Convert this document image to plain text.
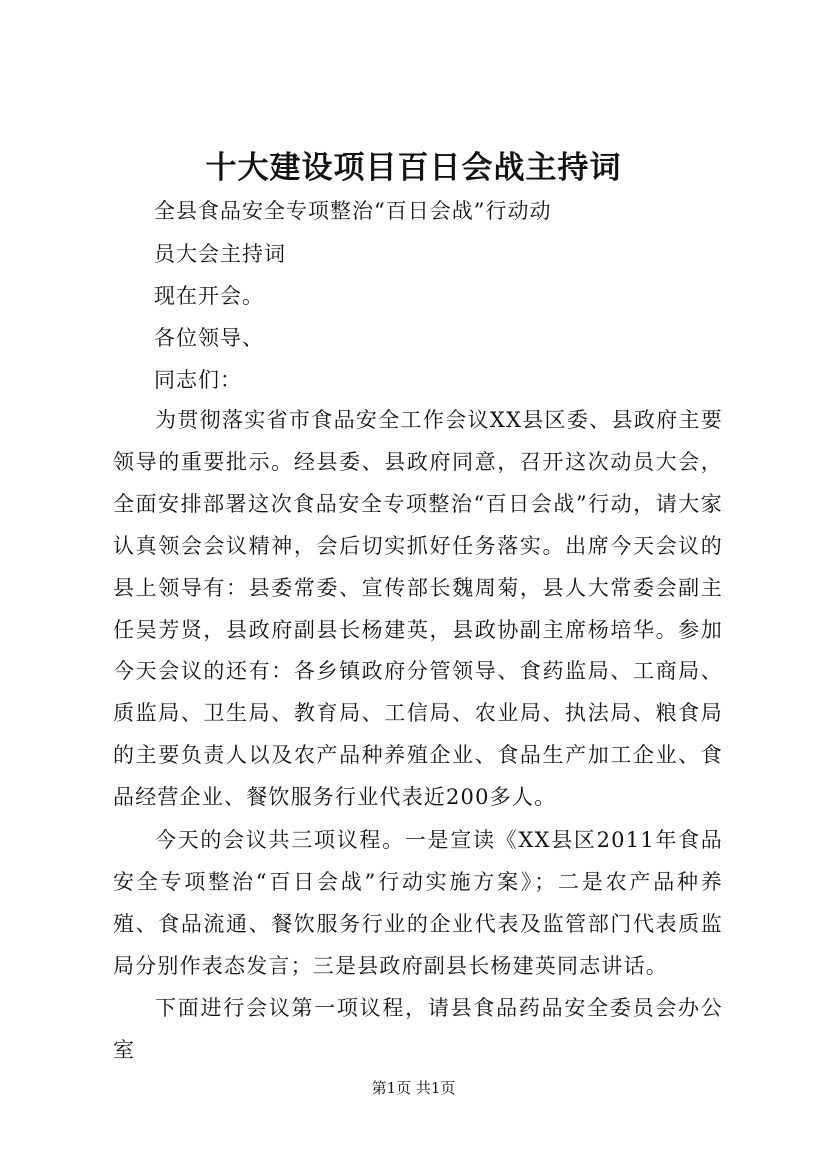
十大建设项目百日会战主持词
全县食品安全专项整治“百日会战”行动动
员大会主持词
现在开会。
各位领导、
同志们：
为贯彻落实省市食品安全工作会议XX县区委、县政府主要领导的重要批示。经县委、县政府同意，召开这次动员大会，全面安排部署这次食品安全专项整治“百日会战”行动，请大家认真领会会议精神，会后切实抓好任务落实。出席今天会议的县上领导有：县委常委、宣传部长魏周菊，县人大常委会副主任吴芳贤，县政府副县长杨建英，县政协副主席杨培华。参加今天会议的还有：各乡镇政府分管领导、食药监局、工商局、质监局、卫生局、教育局、工信局、农业局、执法局、粮食局的主要负责人以及农产品种养殖企业、食品生产加工企业、食品经营企业、餐饮服务行业代表近200多人。
今天的会议共三项议程。一是宣读《XX县区2011年食品安全专项整治“百日会战”行动实施方案》；二是农产品种养殖、食品流通、餐饮服务行业的企业代表及监管部门代表质监局分别作表态发言；三是县政府副县长杨建英同志讲话。
下面进行会议第一项议程，请县食品药品安全委员会办公室
第1页 共1页
